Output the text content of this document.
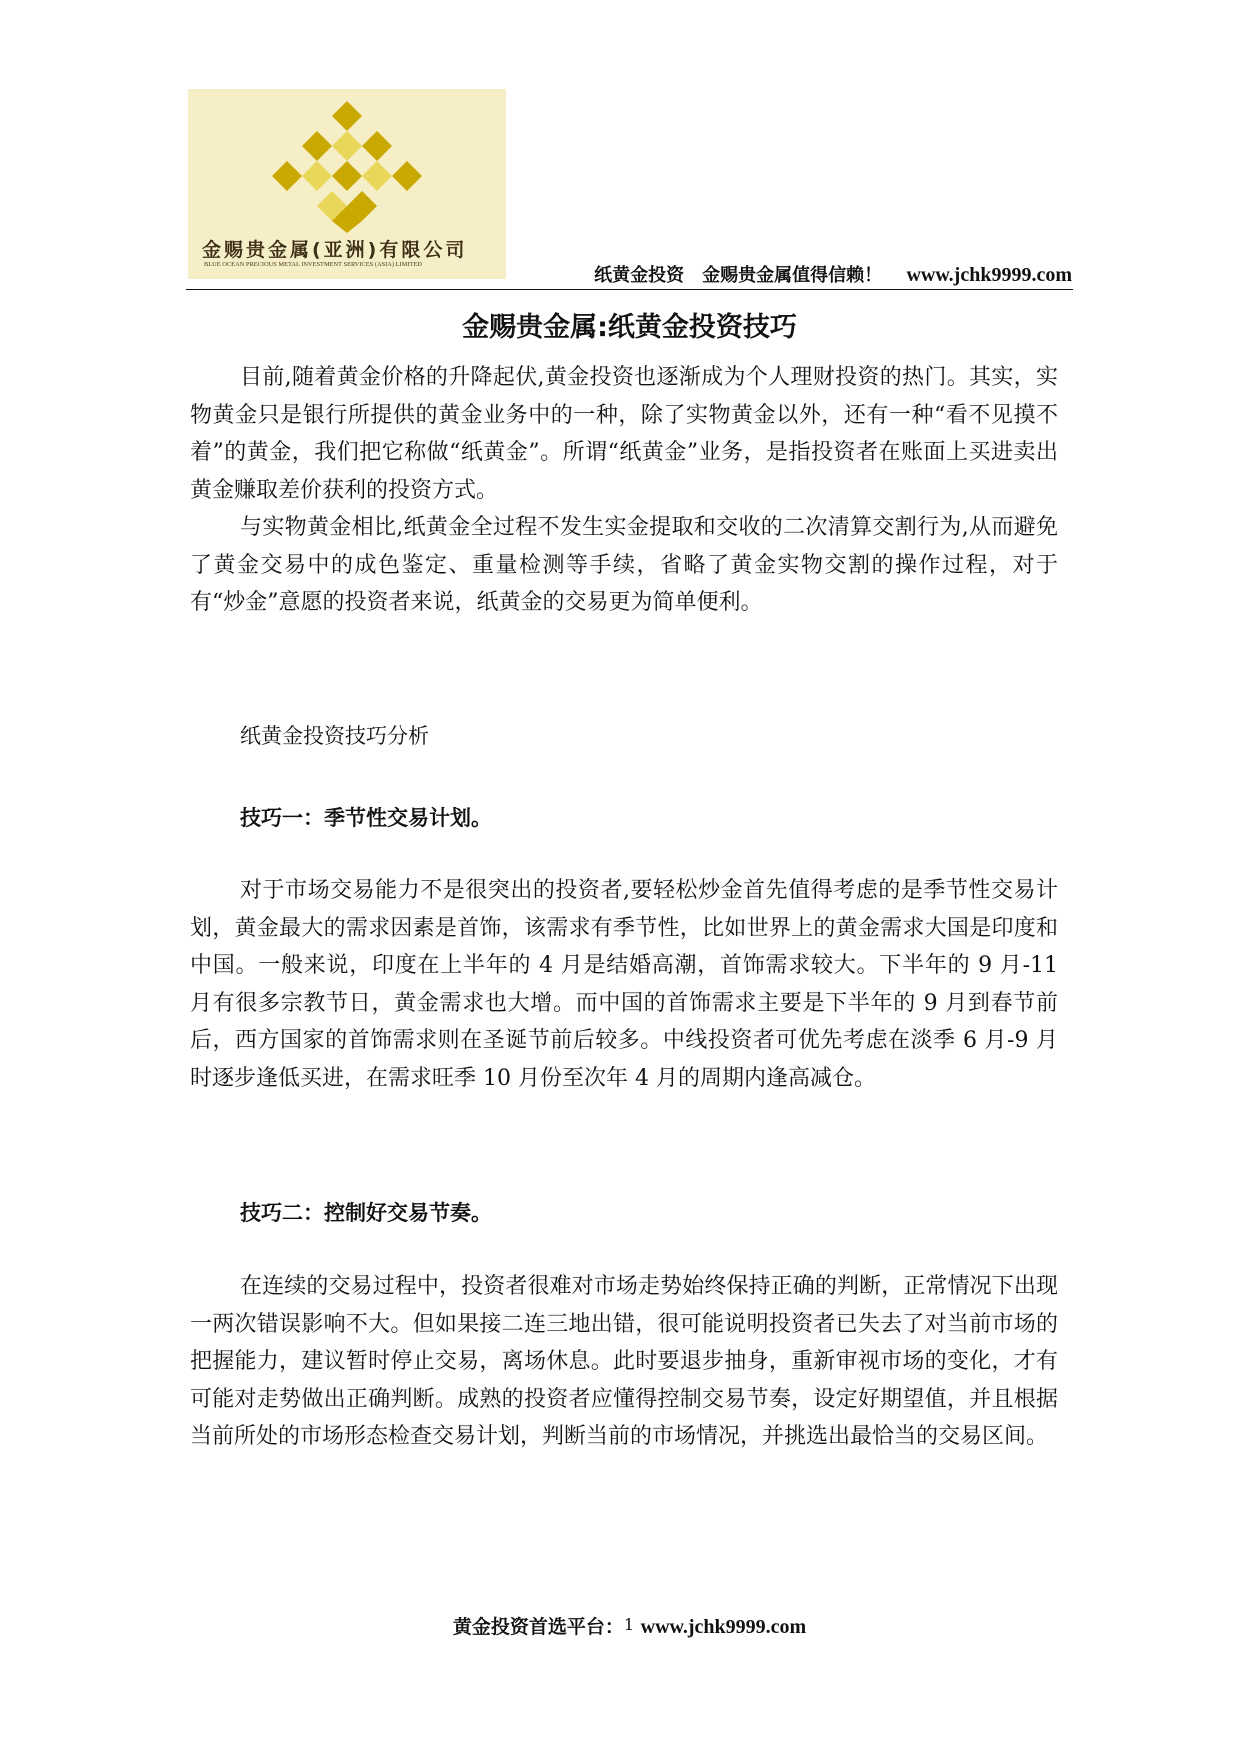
金赐贵金属(亚洲)有限公司
BLUE OCEAN PRECIOUS METAL INVESTMENT SERVICES (ASIA) LIMITED
纸黄金投资 金赐贵金属值得信赖！ www.jchk9999.com
金赐贵金属:纸黄金投资技巧

目前,随着黄金价格的升降起伏,黄金投资也逐渐成为个人理财投资的热门。其实，实物黄金只是银行所提供的黄金业务中的一种，除了实物黄金以外，还有一种“看不见摸不着”的黄金，我们把它称做“纸黄金”。所谓“纸黄金”业务，是指投资者在账面上买进卖出黄金赚取差价获利的投资方式。

与实物黄金相比,纸黄金全过程不发生实金提取和交收的二次清算交割行为,从而避免了黄金交易中的成色鉴定、重量检测等手续，省略了黄金实物交割的操作过程，对于有“炒金”意愿的投资者来说，纸黄金的交易更为简单便利。

纸黄金投资技巧分析

技巧一：季节性交易计划。

对于市场交易能力不是很突出的投资者,要轻松炒金首先值得考虑的是季节性交易计划，黄金最大的需求因素是首饰，该需求有季节性，比如世界上的黄金需求大国是印度和中国。一般来说，印度在上半年的 4 月是结婚高潮，首饰需求较大。下半年的 9 月-11 月有很多宗教节日，黄金需求也大增。而中国的首饰需求主要是下半年的 9 月到春节前后，西方国家的首饰需求则在圣诞节前后较多。中线投资者可优先考虑在淡季 6 月-9 月时逐步逢低买进，在需求旺季 10 月份至次年 4 月的周期内逢高减仓。

技巧二：控制好交易节奏。

在连续的交易过程中，投资者很难对市场走势始终保持正确的判断，正常情况下出现一两次错误影响不大。但如果接二连三地出错，很可能说明投资者已失去了对当前市场的把握能力，建议暂时停止交易，离场休息。此时要退步抽身，重新审视市场的变化，才有可能对走势做出正确判断。成熟的投资者应懂得控制交易节奏，设定好期望值，并且根据当前所处的市场形态检查交易计划，判断当前的市场情况，并挑选出最恰当的交易区间。

黄金投资首选平台：1 www.jchk9999.com
